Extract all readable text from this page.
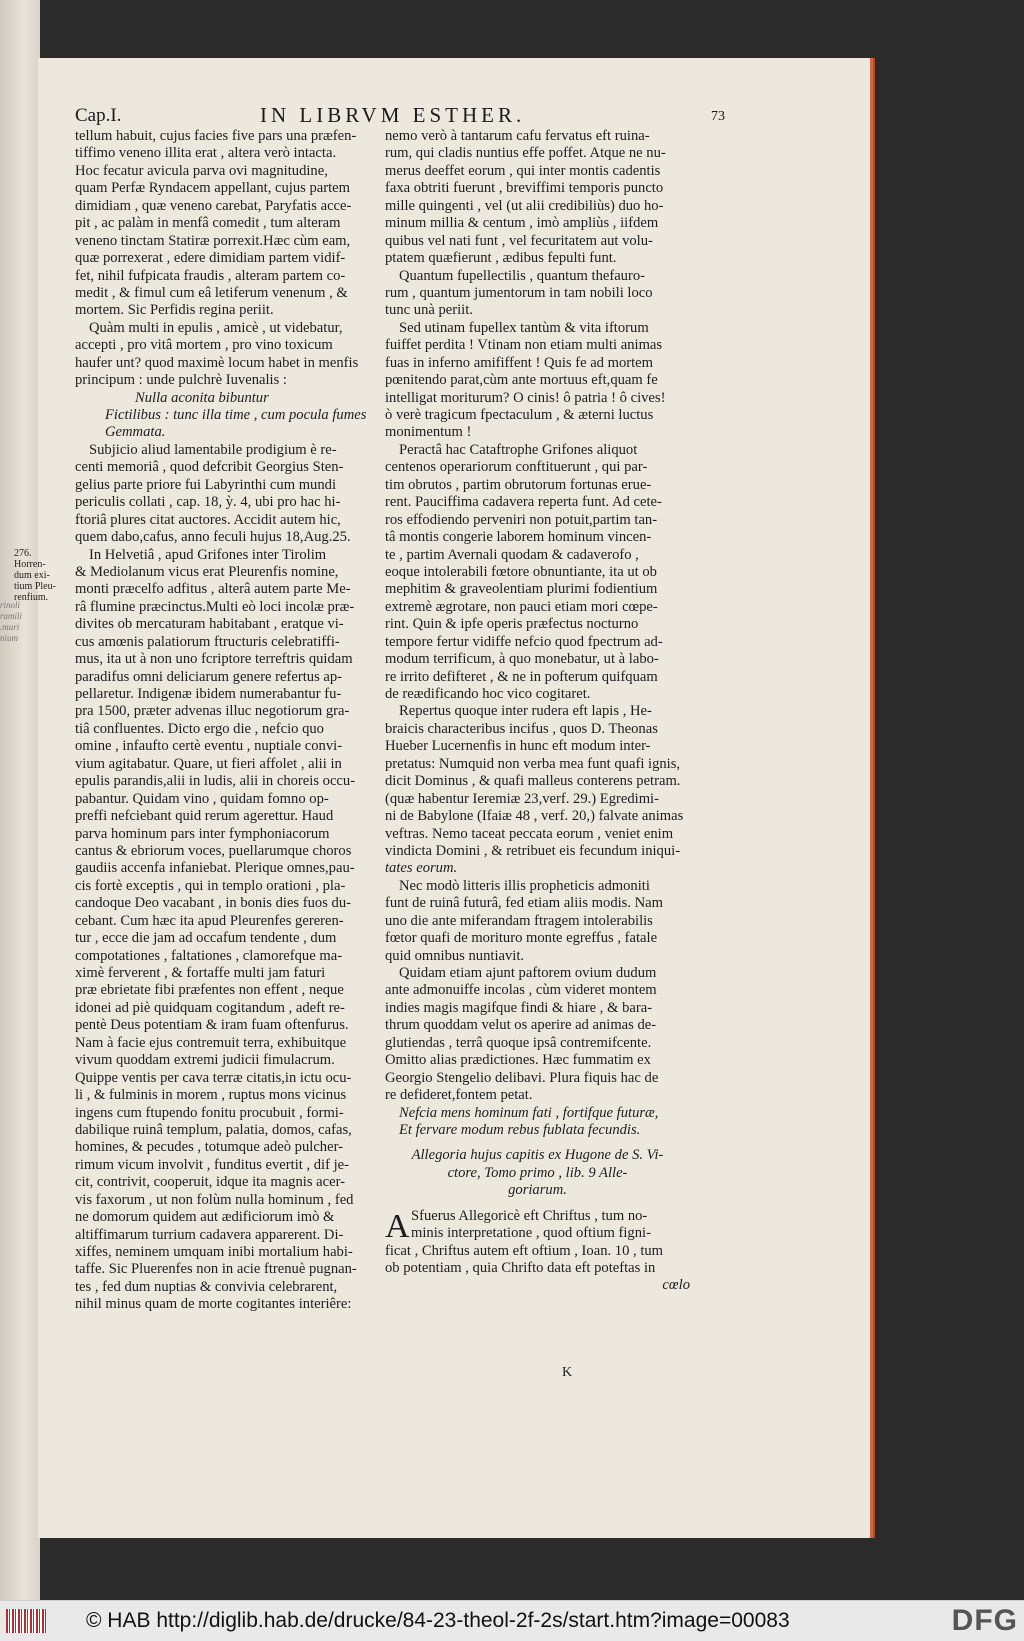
rinoli
ramili
.muri
nium
Cap.I.	IN LIBRVM ESTHER.	73
276.
Horren-
dum exi-
tium Pleu-
renfium.
tellum habuit, cujus facies five pars una præfen-
tiffimo veneno illita erat , altera verò intacta.
Hoc fecatur avicula parva ovi magnitudine,
quam Perfæ Ryndacem appellant, cujus partem
dimidiam , quæ veneno carebat, Paryfatis acce-
pit , ac palàm in menfâ comedit , tum alteram
veneno tinctam Statiræ porrexit.Hæc cùm eam,
quæ porrexerat , edere dimidiam partem vidif-
fet, nihil fufpicata fraudis , alteram partem co-
medit , & fimul cum eâ letiferum venenum , &
mortem. Sic Perfidis regina periit.
Quàm multi in epulis , amicè , ut videbatur,
accepti , pro vitâ mortem , pro vino toxicum
haufer unt? quod maximè locum habet in menfis
principum : unde pulchrè Iuvenalis :
Nulla aconita bibuntur
Fictilibus : tunc illa time , cum pocula fumes
Gemmata.
Subjicio aliud lamentabile prodigium è re-
centi memoriâ , quod defcribit Georgius Sten-
gelius parte priore fui Labyrinthi cum mundi
periculis collati , cap. 18, ỳ. 4, ubi pro hac hi-
ftoriâ plures citat auctores. Accidit autem hic,
quem dabo,cafus, anno feculi hujus 18,Aug.25.
In Helvetiâ , apud Grifones inter Tirolim
& Mediolanum vicus erat Pleurenfis nomine,
monti præcelfo adfitus , alterâ autem parte Me-
râ flumine præcinctus.Multi eò loci incolæ præ-
divites ob mercaturam habitabant , eratque vi-
cus amœnis palatiorum ftructuris celebratiffi-
mus, ita ut à non uno fcriptore terreftris quidam
paradifus omni deliciarum genere refertus ap-
pellaretur. Indigenæ ibidem numerabantur fu-
pra 1500, præter advenas illuc negotiorum gra-
tiâ confluentes. Dicto ergo die , nefcio quo
omine , infaufto certè eventu , nuptiale convi-
vium agitabatur. Quare, ut fieri affolet , alii in
epulis parandis,alii in ludis, alii in choreis occu-
pabantur. Quidam vino , quidam fomno op-
preffi nefciebant quid rerum agerettur. Haud
parva hominum pars inter fymphoniacorum
cantus & ebriorum voces, puellarumque choros
gaudiis accenfa infaniebat. Plerique omnes,pau-
cis fortè exceptis , qui in templo orationi , pla-
candoque Deo vacabant , in bonis dies fuos du-
cebant. Cum hæc ita apud Pleurenfes gereren-
tur , ecce die jam ad occafum tendente , dum
compotationes , faltationes , clamorefque ma-
ximè ferverent , & fortaffe multi jam faturi
præ ebrietate fibi præfentes non effent , neque
idonei ad piè quidquam cogitandum , adeft re-
pentè Deus potentiam & iram fuam oftenfurus.
Nam à facie ejus contremuit terra, exhibuitque
vivum quoddam extremi judicii fimulacrum.
Quippe ventis per cava terræ citatis,in ictu ocu-
li , & fulminis in morem , ruptus mons vicinus
ingens cum ftupendo fonitu procubuit , formi-
dabilique ruinâ templum, palatia, domos, cafas,
homines, & pecudes , totumque adeò pulcher-
rimum vicum involvit , funditus evertit , dif je-
cit, contrivit, cooperuit, idque ita magnis acer-
vis faxorum , ut non folùm nulla hominum , fed
ne domorum quidem aut ædificiorum imò &
altiffimarum turrium cadavera apparerent. Di-
xiffes, neminem umquam inibi mortalium habi-
taffe. Sic Pluerenfes non in acie ftrenuè pugnan-
tes , fed dum nuptias & convivia celebrarent,
nihil minus quam de morte cogitantes interiêre:
nemo verò à tantarum cafu fervatus eft ruina-
rum, qui cladis nuntius effe poffet. Atque ne nu-
merus deeffet eorum , qui inter montis cadentis
faxa obtriti fuerunt , breviffimi temporis puncto
mille quingenti , vel (ut alii credibiliùs) duo ho-
minum millia & centum , imò ampliùs , iifdem
quibus vel nati funt , vel fecuritatem aut volu-
ptatem quæfierunt , ædibus fepulti funt.
Quantum fupellectilis , quantum thefauro-
rum , quantum jumentorum in tam nobili loco
tunc unà periit.
Sed utinam fupellex tantùm & vita iftorum
fuiffet perdita ! Vtinam non etiam multi animas
fuas in inferno amififfent ! Quis fe ad mortem
pœnitendo parat,cùm ante mortuus eft,quam fe
intelligat moriturum? O cinis! ô patria ! ô cives!
ò verè tragicum fpectaculum , & æterni luctus
monimentum !
Peractâ hac Cataftrophe Grifones aliquot
centenos operariorum conftituerunt , qui par-
tim obrutos , partim obrutorum fortunas erue-
rent. Pauciffima cadavera reperta funt. Ad cete-
ros effodiendo perveniri non potuit,partim tan-
tâ montis congerie laborem hominum vincen-
te , partim Avernali quodam & cadaverofo ,
eoque intolerabili fœtore obnuntiante, ita ut ob
mephitim & graveolentiam plurimi fodientium
extremè ægrotare, non pauci etiam mori cœpe-
rint. Quin & ipfe operis præfectus nocturno
tempore fertur vidiffe nefcio quod fpectrum ad-
modum terrificum, à quo monebatur, ut à labo-
re irrito defifteret , & ne in pofterum quifquam
de reædificando hoc vico cogitaret.
Repertus quoque inter rudera eft lapis , He-
braicis characteribus incifus , quos D. Theonas
Hueber Lucernenfis in hunc eft modum inter-
pretatus: Numquid non verba mea funt quafi ignis,
dicit Dominus , & quafi malleus conterens petram.
(quæ habentur Ieremiæ 23,verf. 29.) Egredimi-
ni de Babylone (Ifaiæ 48 , verf. 20,) falvate animas
veftras. Nemo taceat peccata eorum , veniet enim
vindicta Domini , & retribuet eis fecundum iniqui-
tates eorum.
Nec modò litteris illis propheticis admoniti
funt de ruinâ futurâ, fed etiam aliis modis. Nam
uno die ante miferandam ftragem intolerabilis
fœtor quafi de morituro monte egreffus , fatale
quid omnibus nuntiavit.
Quidam etiam ajunt paftorem ovium dudum
ante admonuiffe incolas , cùm videret montem
indies magis magifque findi & hiare , & bara-
thrum quoddam velut os aperire ad animas de-
glutiendas , terrâ quoque ipsâ contremifcente.
Omitto alias prædictiones. Hæc fummatim ex
Georgio Stengelio delibavi. Plura fiquis hac de
re defideret,fontem petat.
Nefcia mens hominum fati , fortifque futuræ,
Et fervare modum rebus fublata fecundis.
Allegoria hujus capitis ex Hugone de S. Vi-
ctore, Tomo primo , lib. 9 Alle-
goriarum.
A Sfuerus Allegoricè eft Chriftus , tum no-
minis interpretatione , quod oftium figni-
ficat , Chriftus autem eft oftium , Ioan. 10 , tum
ob potentiam , quia Chrifto data eft poteftas in
cœlo
K
© HAB http://diglib.hab.de/drucke/84-23-theol-2f-2s/start.htm?image=00083	DFG
